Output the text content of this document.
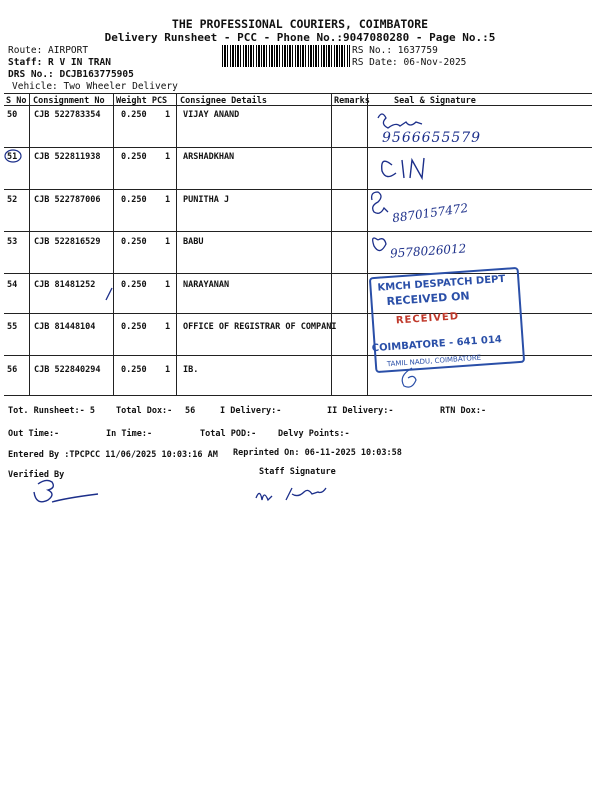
THE PROFESSIONAL COURIERS, COIMBATORE
Delivery Runsheet - PCC - Phone No.:9047080280 - Page No.:5
Route: AIRPORT
Staff: R V IN TRAN
DRS No.: DCJB163775905
Vehicle: Two Wheeler Delivery
RS No.: 1637759
RS Date: 06-Nov-2025
S No Consignment No Weight PCS Consignee Details	Remarks	Seal & Signature
50 CJB 522783354 0.250 1 VIJAY ANAND
51 CJB 522811938 0.250 1 ARSHADKHAN
52 CJB 522787006 0.250 1 PUNITHA J
53 CJB 522816529 0.250 1 BABU
54 CJB 81481252	0.250 1 NARAYANAN
55 CJB 81448104	0.250 1 OFFICE OF REGISTRAR OF COMPANI
56 CJB 522840294 0.250 1 IB.
9566655579
8870157472
9578026012
KMCH DESPATCH DEPT
RECEIVED ON
RECEIVED
COIMBATORE - 641 014
TAMIL NADU, COIMBATORE
Tot. Runsheet:- 5 Total Dox:- 56	I Delivery:-	II Delivery:-	RTN Dox:-
Out Time:-	In Time:-	Total POD:-	Delvy Points:-
Entered By :TPCPCC 11/06/2025 10:03:16 AM Reprinted On: 06-11-2025 10:03:58
Verified By	Staff Signature
